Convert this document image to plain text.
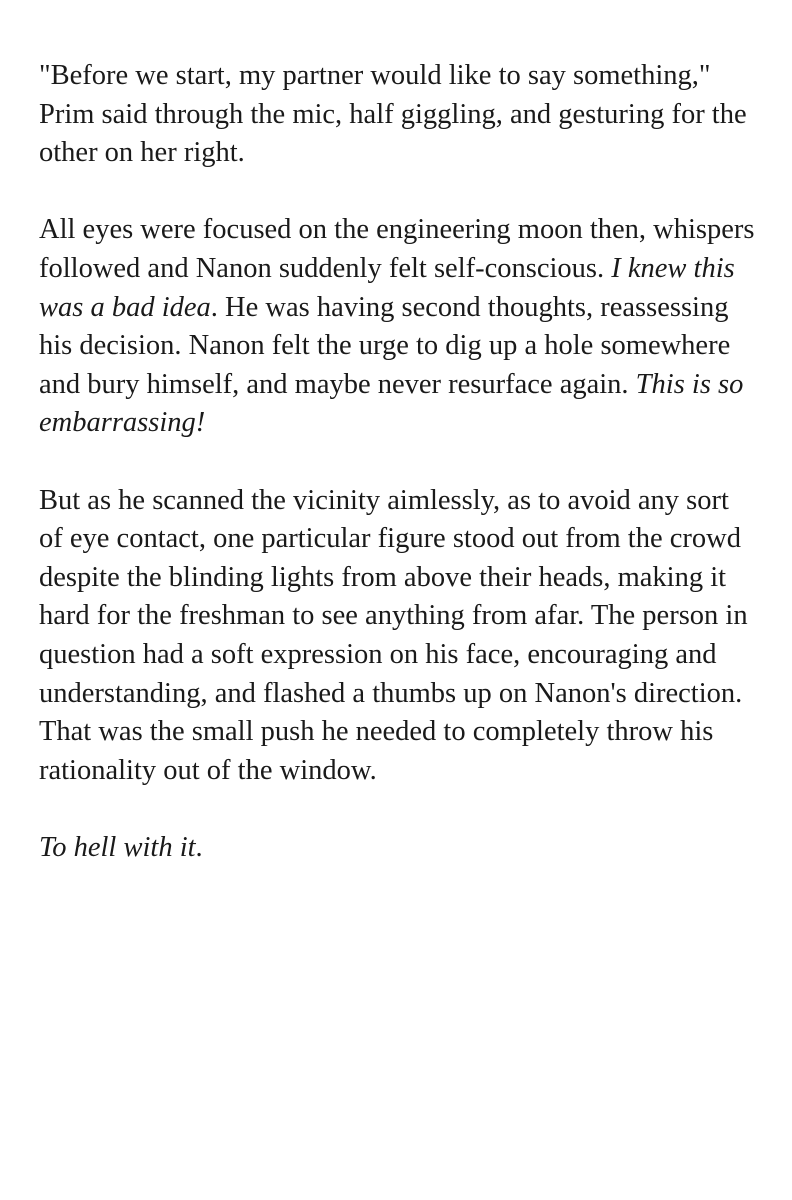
"Before we start, my partner would like to say something," Prim said through the mic, half giggling, and gesturing for the other on her right.

All eyes were focused on the engineering moon then, whispers followed and Nanon suddenly felt self-conscious. I knew this was a bad idea. He was having second thoughts, reassessing his decision. Nanon felt the urge to dig up a hole somewhere and bury himself, and maybe never resurface again. This is so embarrassing!

But as he scanned the vicinity aimlessly, as to avoid any sort of eye contact, one particular figure stood out from the crowd despite the blinding lights from above their heads, making it hard for the freshman to see anything from afar. The person in question had a soft expression on his face, encouraging and understanding, and flashed a thumbs up on Nanon's direction. That was the small push he needed to completely throw his rationality out of the window.

To hell with it.
